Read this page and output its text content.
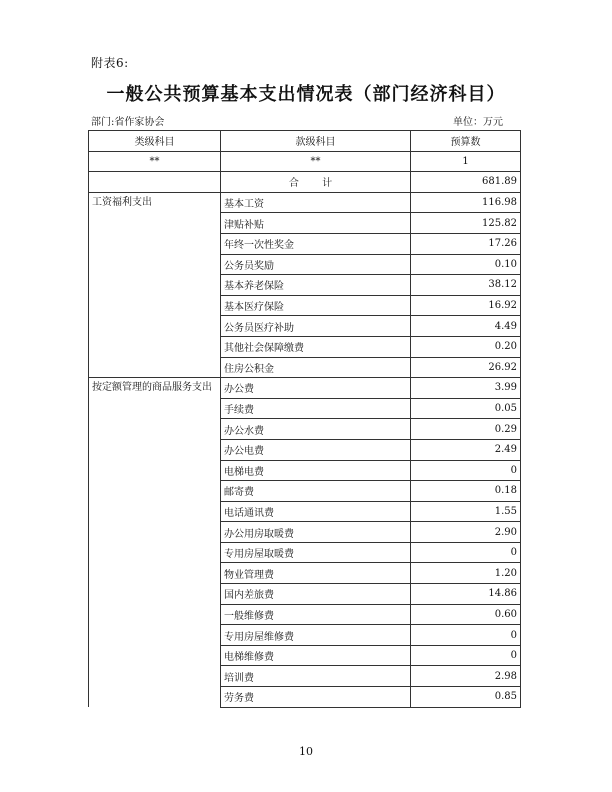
附表6:
一般公共预算基本支出情况表（部门经济科目）
部门:省作家协会	单位：万元
类级科目	款级科目	预算数
**	**	1
	合 计	681.89
工资福利支出	基本工资	116.98
	津贴补贴	125.82
	年终一次性奖金	17.26
	公务员奖励	0.10
	基本养老保险	38.12
	基本医疗保险	16.92
	公务员医疗补助	4.49
	其他社会保障缴费	0.20
	住房公积金	26.92
按定额管理的商品服务支出	办公费	3.99
	手续费	0.05
	办公水费	0.29
	办公电费	2.49
	电梯电费	0
	邮寄费	0.18
	电话通讯费	1.55
	办公用房取暖费	2.90
	专用房屋取暖费	0
	物业管理费	1.20
	国内差旅费	14.86
	一般维修费	0.60
	专用房屋维修费	0
	电梯维修费	0
	培训费	2.98
	劳务费	0.85
10
